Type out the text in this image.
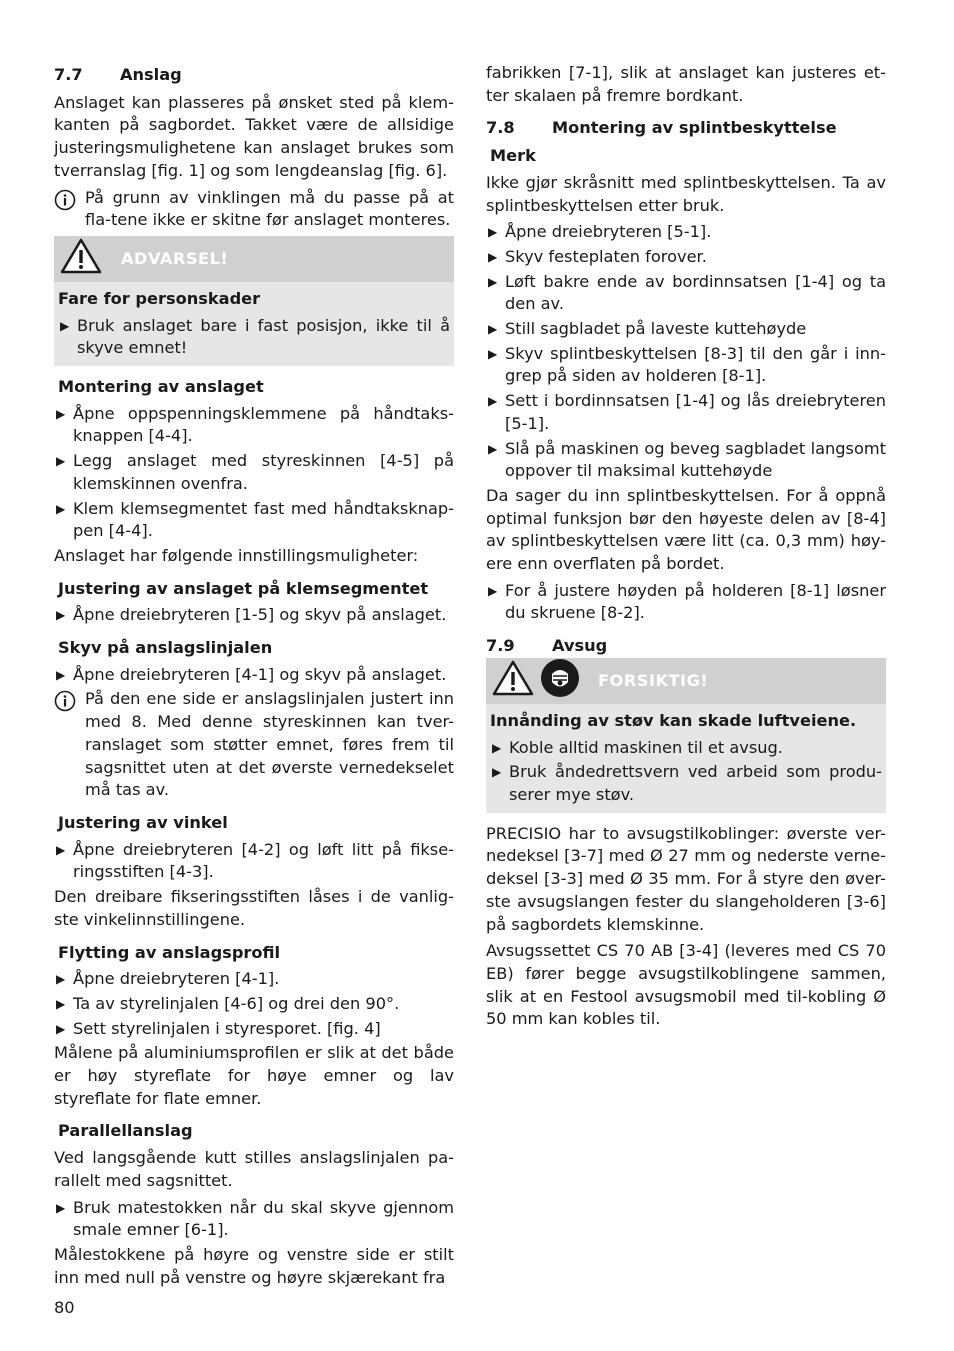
7.7	Anslag
Anslaget kan plasseres på ønsket sted på klem-kanten på sagbordet. Takket være de allsidige justeringsmulighetene kan anslaget brukes som tverranslag [fig. 1] og som lengdeanslag [fig. 6].
På grunn av vinklingen må du passe på at fla-tene ikke er skitne før anslaget monteres.
ADVARSEL!
Fare for personskader
▶ Bruk anslaget bare i fast posisjon, ikke til å skyve emnet!
Montering av anslaget
▶ Åpne oppspenningsklemmene på håndtaks-knappen [4-4].
▶ Legg anslaget med styreskinnen [4-5] på klemskinnen ovenfra.
▶ Klem klemsegmentet fast med håndtaksknap-pen [4-4].
Anslaget har følgende innstillingsmuligheter:
Justering av anslaget på klemsegmentet
▶ Åpne dreiebryteren [1-5] og skyv på anslaget.
Skyv på anslagslinjalen
▶ Åpne dreiebryteren [4-1] og skyv på anslaget.
På den ene side er anslagslinjalen justert inn med 8. Med denne styreskinnen kan tver-ranslaget som støtter emnet, føres frem til sagsnittet uten at det øverste vernedekselet må tas av.
Justering av vinkel
▶ Åpne dreiebryteren [4-2] og løft litt på fikse-ringsstiften [4-3].
Den dreibare fikseringsstiften låses i de vanlig-ste vinkelinnstillingene.
Flytting av anslagsprofil
▶ Åpne dreiebryteren [4-1].
▶ Ta av styrelinjalen [4-6] og drei den 90°.
▶ Sett styrelinjalen i styresporet. [fig. 4]
Målene på aluminiumsprofilen er slik at det både er høy styreflate for høye emner og lav styreflate for flate emner.
Parallellanslag
Ved langsgående kutt stilles anslagslinjalen pa-rallelt med sagsnittet.
▶ Bruk matestokken når du skal skyve gjennom smale emner [6-1].
Målestokkene på høyre og venstre side er stilt inn med null på venstre og høyre skjærekant fra
fabrikken [7-1], slik at anslaget kan justeres et-ter skalaen på fremre bordkant.
7.8	Montering av splintbeskyttelse
Merk
Ikke gjør skråsnitt med splintbeskyttelsen. Ta av splintbeskyttelsen etter bruk.
▶ Åpne dreiebryteren [5-1].
▶ Skyv festeplaten forover.
▶ Løft bakre ende av bordinnsatsen [1-4] og ta den av.
▶ Still sagbladet på laveste kuttehøyde
▶ Skyv splintbeskyttelsen [8-3] til den går i inn-grep på siden av holderen [8-1].
▶ Sett i bordinnsatsen [1-4] og lås dreiebryteren [5-1].
▶ Slå på maskinen og beveg sagbladet langsomt oppover til maksimal kuttehøyde
Da sager du inn splintbeskyttelsen. For å oppnå optimal funksjon bør den høyeste delen av [8-4] av splintbeskyttelsen være litt (ca. 0,3 mm) høy-ere enn overflaten på bordet.
▶ For å justere høyden på holderen [8-1] løsner du skruene [8-2].
7.9	Avsug
FORSIKTIG!
Innånding av støv kan skade luftveiene.
▶ Koble alltid maskinen til et avsug.
▶ Bruk åndedrettsvern ved arbeid som produ-serer mye støv.
PRECISIO har to avsugstilkoblinger: øverste ver-nedeksel [3-7] med Ø 27 mm og nederste verne-deksel [3-3] med Ø 35 mm. For å styre den øver-ste avsugslangen fester du slangeholderen [3-6] på sagbordets klemskinne.
Avsugssettet CS 70 AB [3-4] (leveres med CS 70 EB) fører begge avsugstilkoblingene sammen, slik at en Festool avsugsmobil med til-kobling Ø 50 mm kan kobles til.
80
